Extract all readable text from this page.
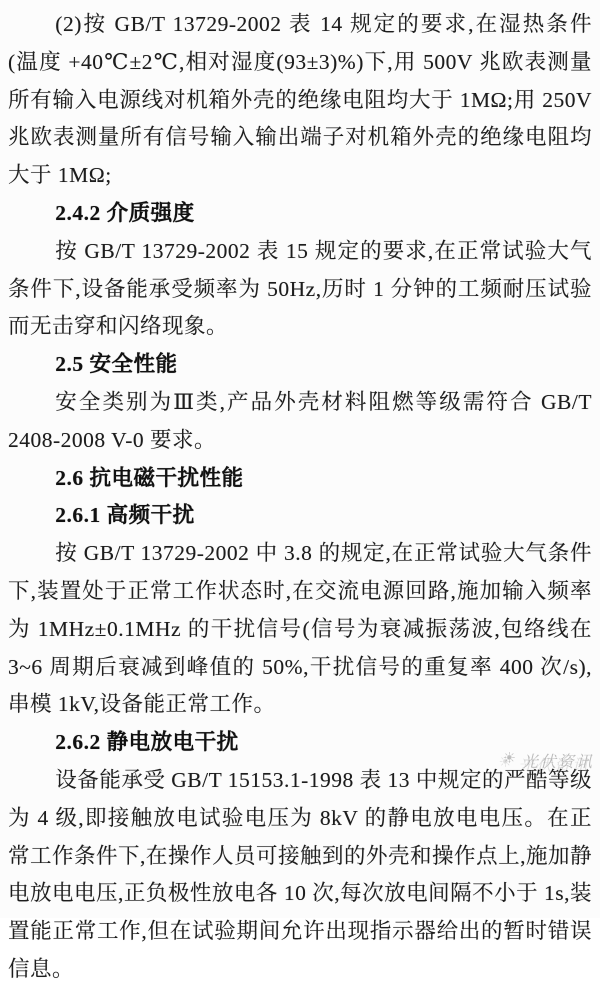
(2)按 GB/T 13729-2002 表 14 规定的要求,在湿热条件(温度 +40℃±2℃,相对湿度(93±3)%)下,用 500V 兆欧表测量所有输入电源线对机箱外壳的绝缘电阻均大于 1MΩ;用 250V 兆欧表测量所有信号输入输出端子对机箱外壳的绝缘电阻均大于 1MΩ;

2.4.2 介质强度

按 GB/T 13729-2002 表 15 规定的要求,在正常试验大气条件下,设备能承受频率为 50Hz,历时 1 分钟的工频耐压试验而无击穿和闪络现象。

2.5 安全性能

安全类别为Ⅲ类,产品外壳材料阻燃等级需符合 GB/T 2408-2008 V-0 要求。

2.6 抗电磁干扰性能

2.6.1 高频干扰

按 GB/T 13729-2002 中 3.8 的规定,在正常试验大气条件下,装置处于正常工作状态时,在交流电源回路,施加输入频率为 1MHz±0.1MHz 的干扰信号(信号为衰减振荡波,包络线在 3~6 周期后衰减到峰值的 50%,干扰信号的重复率 400 次/s),串模 1kV,设备能正常工作。

2.6.2 静电放电干扰

设备能承受 GB/T 15153.1-1998 表 13 中规定的严酷等级为 4 级,即接触放电试验电压为 8kV 的静电放电电压。在正常工作条件下,在操作人员可接触到的外壳和操作点上,施加静电放电电压,正负极性放电各 10 次,每次放电间隔不小于 1s,装置能正常工作,但在试验期间允许出现指示器给出的暂时错误信息。

☀ 光伏资讯
